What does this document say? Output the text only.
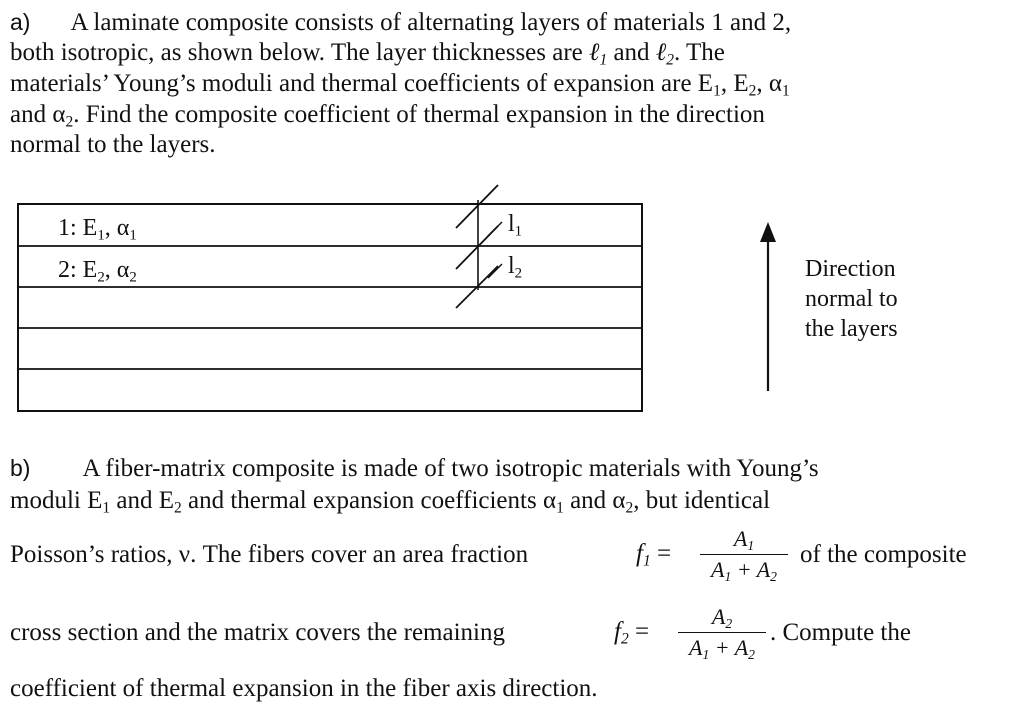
a) A laminate composite consists of alternating layers of materials 1 and 2,
both isotropic, as shown below. The layer thicknesses are ℓ$_1$ and ℓ$_2$. The
materials’ Young’s moduli and thermal coefficients of expansion are $E_1$, $E_2$, $\alpha_1$
and $\alpha_2$. Find the composite coefficient of thermal expansion in the direction
normal to the layers.
1: $E_1$, $\alpha_1$
2: $E_2$, $\alpha_2$
$l_1$
$l_2$	Direction
normal to
the layers
b) A fiber-matrix composite is made of two isotropic materials with Young’s
moduli $E_1$ and $E_2$ and thermal expansion coefficients $\alpha_1$ and $\alpha_2$, but identical
Poisson’s ratios, ν. The fibers cover an area fraction	$f_1 = \frac{A_1}{A_1 + A_2}$ of the composite
cross section and the matrix covers the remaining	$f_2 = \frac{A_2}{A_1 + A_2}$ . Compute the
coefficient of thermal expansion in the fiber axis direction.
